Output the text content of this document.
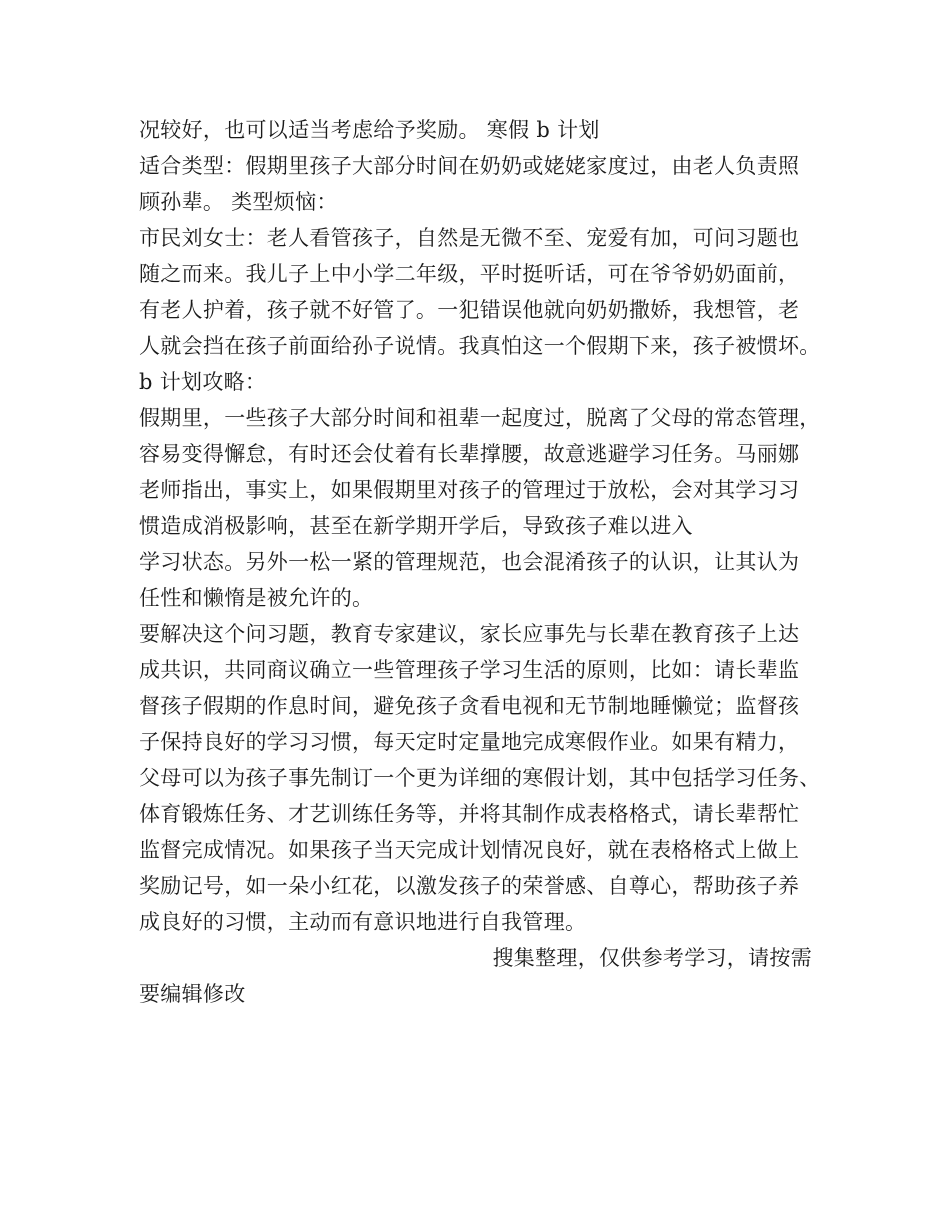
况较好，也可以适当考虑给予奖励。 寒假 b 计划
适合类型：假期里孩子大部分时间在奶奶或姥姥家度过，由老人负责照
顾孙辈。 类型烦恼：
市民刘女士：老人看管孩子，自然是无微不至、宠爱有加，可问习题也
随之而来。我儿子上中小学二年级，平时挺听话，可在爷爷奶奶面前，
有老人护着，孩子就不好管了。一犯错误他就向奶奶撒娇，我想管，老
人就会挡在孩子前面给孙子说情。我真怕这一个假期下来，孩子被惯坏。
b 计划攻略：
假期里，一些孩子大部分时间和祖辈一起度过，脱离了父母的常态管理，
容易变得懈怠，有时还会仗着有长辈撑腰，故意逃避学习任务。马丽娜
老师指出，事实上，如果假期里对孩子的管理过于放松，会对其学习习
惯造成消极影响，甚至在新学期开学后，导致孩子难以进入
学习状态。另外一松一紧的管理规范，也会混淆孩子的认识，让其认为
任性和懒惰是被允许的。
要解决这个问习题，教育专家建议，家长应事先与长辈在教育孩子上达
成共识，共同商议确立一些管理孩子学习生活的原则，比如：请长辈监
督孩子假期的作息时间，避免孩子贪看电视和无节制地睡懒觉；监督孩
子保持良好的学习习惯，每天定时定量地完成寒假作业。如果有精力，
父母可以为孩子事先制订一个更为详细的寒假计划，其中包括学习任务、
体育锻炼任务、才艺训练任务等，并将其制作成表格格式，请长辈帮忙
监督完成情况。如果孩子当天完成计划情况良好，就在表格格式上做上
奖励记号，如一朵小红花，以激发孩子的荣誉感、自尊心，帮助孩子养
成良好的习惯，主动而有意识地进行自我管理。
搜集整理，仅供参考学习，请按需
要编辑修改
